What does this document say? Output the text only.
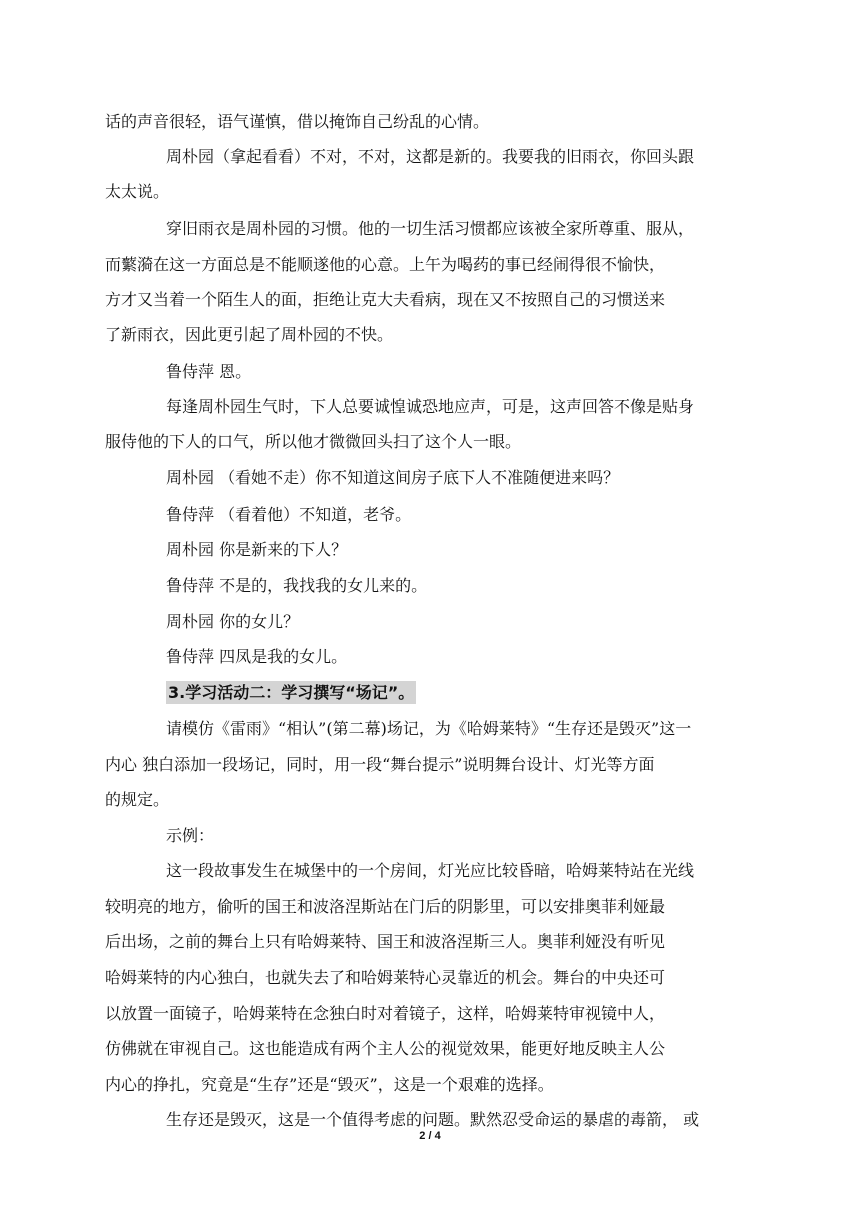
话的声音很轻，语气谨慎，借以掩饰自己纷乱的心情。

周朴园（拿起看看）不对，不对，这都是新的。我要我的旧雨衣，你回头跟

太太说。

穿旧雨衣是周朴园的习惯。他的一切生活习惯都应该被全家所尊重、服从，

而蘩漪在这一方面总是不能顺遂他的心意。上午为喝药的事已经闹得很不愉快，

方才又当着一个陌生人的面，拒绝让克大夫看病，现在又不按照自己的习惯送来

了新雨衣，因此更引起了周朴园的不快。

鲁侍萍 恩。

每逢周朴园生气时，下人总要诚惶诚恐地应声，可是，这声回答不像是贴身

服侍他的下人的口气，所以他才微微回头扫了这个人一眼。

周朴园 （看她不走）你不知道这间房子底下人不准随便进来吗？

鲁侍萍 （看着他）不知道，老爷。

周朴园 你是新来的下人？

鲁侍萍 不是的，我找我的女儿来的。

周朴园 你的女儿？

鲁侍萍 四凤是我的女儿。

3.学习活动二：学习撰写“场记”。

请模仿《雷雨》“相认”(第二幕)场记，为《哈姆莱特》“生存还是毁灭”这一

内心 独白添加一段场记，同时，用一段“舞台提示”说明舞台设计、灯光等方面

的规定。

示例：

这一段故事发生在城堡中的一个房间，灯光应比较昏暗，哈姆莱特站在光线

较明亮的地方，偷听的国王和波洛涅斯站在门后的阴影里，可以安排奥菲利娅最

后出场，之前的舞台上只有哈姆莱特、国王和波洛涅斯三人。奥菲利娅没有听见

哈姆莱特的内心独白，也就失去了和哈姆莱特心灵靠近的机会。舞台的中央还可

以放置一面镜子，哈姆莱特在念独白时对着镜子，这样，哈姆莱特审视镜中人，

仿佛就在审视自己。这也能造成有两个主人公的视觉效果，能更好地反映主人公

内心的挣扎，究竟是“生存”还是“毁灭”，这是一个艰难的选择。

生存还是毁灭，这是一个值得考虑的问题。默然忍受命运的暴虐的毒箭， 或

2 / 4
